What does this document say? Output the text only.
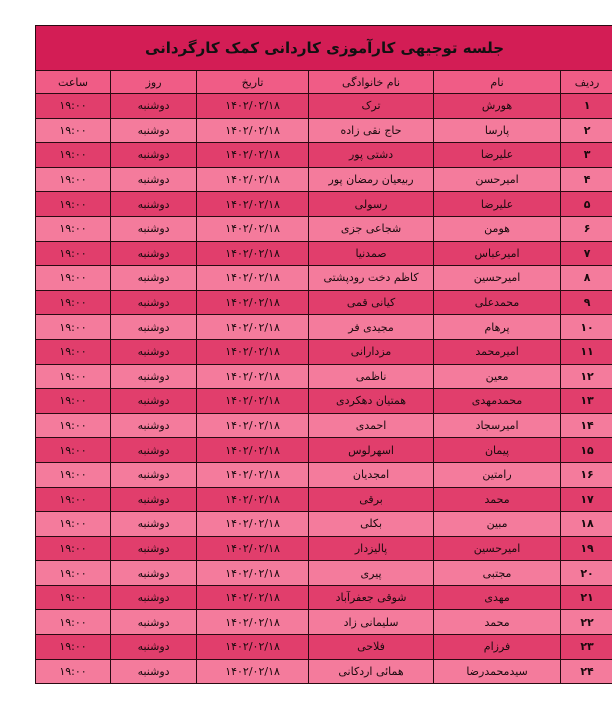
جلسه توجیهی کارآموزی کاردانی کمک کارگردانی					
ردیف	نام	نام خانوادگی	تاریخ	روز	ساعت
۱	هورش	ترک	۱۴۰۲/۰۲/۱۸	دوشنبه	۱۹:۰۰
۲	پارسا	حاج نقی زاده	۱۴۰۲/۰۲/۱۸	دوشنبه	۱۹:۰۰
۳	علیرضا	دشتی پور	۱۴۰۲/۰۲/۱۸	دوشنبه	۱۹:۰۰
۴	امیرحسن	ربیعیان رمضان پور	۱۴۰۲/۰۲/۱۸	دوشنبه	۱۹:۰۰
۵	علیرضا	رسولی	۱۴۰۲/۰۲/۱۸	دوشنبه	۱۹:۰۰
۶	هومن	شجاعی جزی	۱۴۰۲/۰۲/۱۸	دوشنبه	۱۹:۰۰
۷	امیرعباس	صمدنیا	۱۴۰۲/۰۲/۱۸	دوشنبه	۱۹:۰۰
۸	امیرحسین	کاظم دخت رودپشتی	۱۴۰۲/۰۲/۱۸	دوشنبه	۱۹:۰۰
۹	محمدعلی	کیانی قمی	۱۴۰۲/۰۲/۱۸	دوشنبه	۱۹:۰۰
۱۰	پرهام	مجیدی فر	۱۴۰۲/۰۲/۱۸	دوشنبه	۱۹:۰۰
۱۱	امیرمحمد	مزدارانی	۱۴۰۲/۰۲/۱۸	دوشنبه	۱۹:۰۰
۱۲	معین	ناظمی	۱۴۰۲/۰۲/۱۸	دوشنبه	۱۹:۰۰
۱۳	محمدمهدی	همتیان دهکردی	۱۴۰۲/۰۲/۱۸	دوشنبه	۱۹:۰۰
۱۴	امیرسجاد	احمدی	۱۴۰۲/۰۲/۱۸	دوشنبه	۱۹:۰۰
۱۵	پیمان	اسهرلوس	۱۴۰۲/۰۲/۱۸	دوشنبه	۱۹:۰۰
۱۶	رامتین	امجدیان	۱۴۰۲/۰۲/۱۸	دوشنبه	۱۹:۰۰
۱۷	محمد	برقی	۱۴۰۲/۰۲/۱۸	دوشنبه	۱۹:۰۰
۱۸	مبین	بکلی	۱۴۰۲/۰۲/۱۸	دوشنبه	۱۹:۰۰
۱۹	امیرحسین	پالیزدار	۱۴۰۲/۰۲/۱۸	دوشنبه	۱۹:۰۰
۲۰	مجتبی	پیری	۱۴۰۲/۰۲/۱۸	دوشنبه	۱۹:۰۰
۲۱	مهدی	شوقی جعفرآباد	۱۴۰۲/۰۲/۱۸	دوشنبه	۱۹:۰۰
۲۲	محمد	سلیمانی زاد	۱۴۰۲/۰۲/۱۸	دوشنبه	۱۹:۰۰
۲۳	فرزام	فلاحی	۱۴۰۲/۰۲/۱۸	دوشنبه	۱۹:۰۰
۲۴	سیدمحمدرضا	همائی اردکانی	۱۴۰۲/۰۲/۱۸	دوشنبه	۱۹:۰۰
